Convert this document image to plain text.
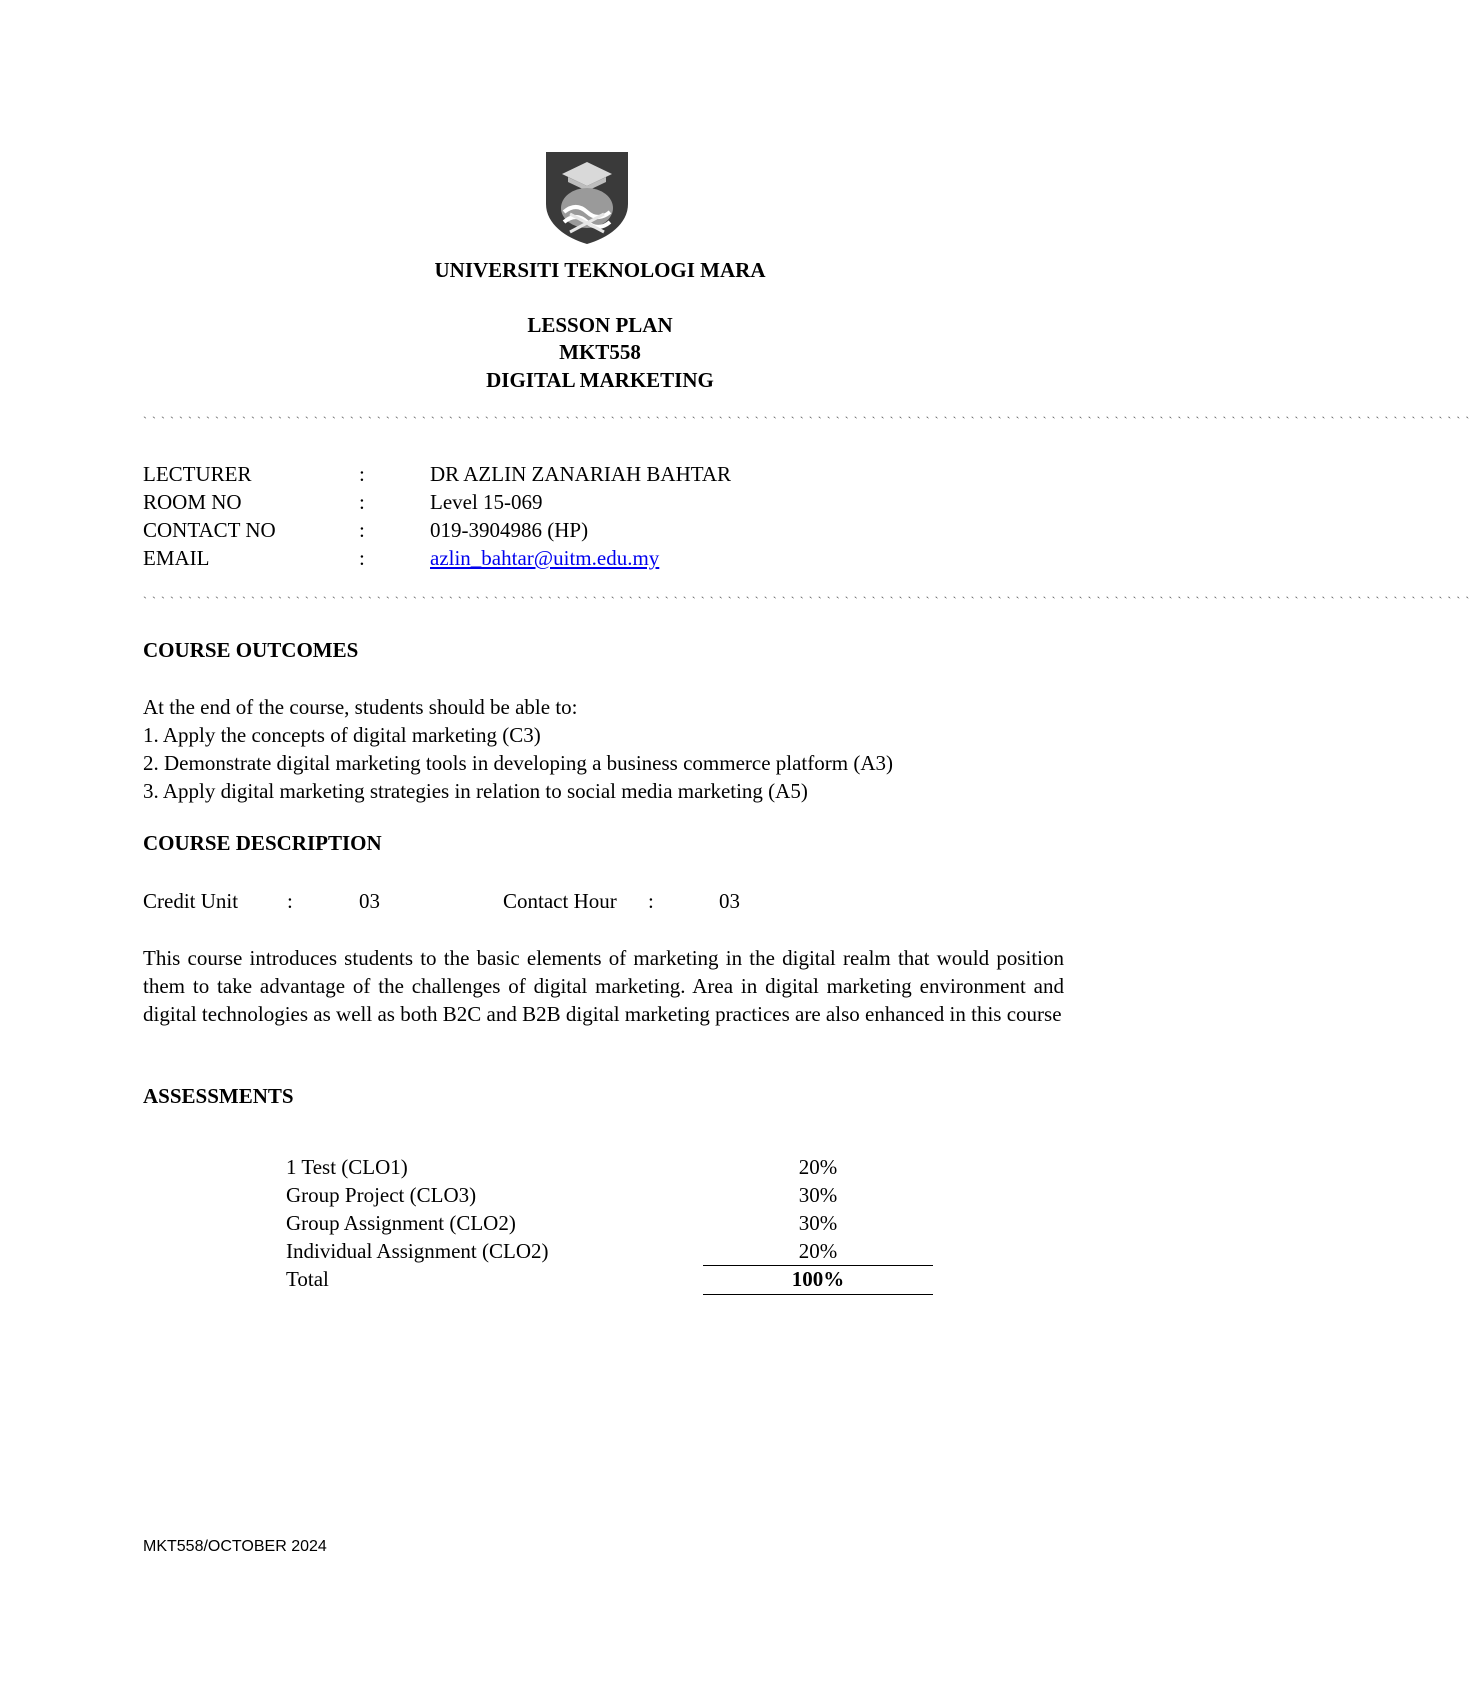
UNIVERSITI TEKNOLOGI MARA
LESSON PLAN
MKT558
DIGITAL MARKETING
` ` ` ` ` ` ` ` ` ` ` ` ` ` ` ` ` ` ` ` ` ` ` ` ` ` ` ` ` ` ` ` ` ` ` ` ` ` ` ` ` ` ` ` ` ` ` ` ` ` ` ` ` ` ` ` ` ` ` ` ` ` ` ` ` ` ` ` ` ` ` ` ` ` ` ` ` ` ` ` ` ` ` ` ` ` ` ` ` ` ` ` ` ` ` ` ` ` ` ` ` ` ` ` ` ` ` ` ` ` ` ` ` ` ` ` ` ` ` ` ` ` ` ` ` ` ` ` ` ` ` ` ` ` ` ` ` ` ` ` ` ` ` ` ` ` ` `
LECTURER	:	DR AZLIN ZANARIAH BAHTAR
ROOM NO	:	Level 15-069
CONTACT NO	:	019-3904986 (HP)
EMAIL	:	azlin_bahtar@uitm.edu.my
` ` ` ` ` ` ` ` ` ` ` ` ` ` ` ` ` ` ` ` ` ` ` ` ` ` ` ` ` ` ` ` ` ` ` ` ` ` ` ` ` ` ` ` ` ` ` ` ` ` ` ` ` ` ` ` ` ` ` ` ` ` ` ` ` ` ` ` ` ` ` ` ` ` ` ` ` ` ` ` ` ` ` ` ` ` ` ` ` ` ` ` ` ` ` ` ` ` ` ` ` ` ` ` ` ` ` ` ` ` ` ` ` ` ` ` ` ` ` ` ` ` ` ` ` ` ` ` ` ` ` ` ` ` ` ` ` ` ` ` ` ` ` ` ` ` ` `
COURSE OUTCOMES
At the end of the course, students should be able to:
1. Apply the concepts of digital marketing (C3)
2. Demonstrate digital marketing tools in developing a business commerce platform (A3)
3. Apply digital marketing strategies in relation to social media marketing (A5)
COURSE DESCRIPTION
Credit Unit :	03	Contact Hour :	03
This course introduces students to the basic elements of marketing in the digital realm that would position them to take advantage of the challenges of digital marketing. Area in digital marketing environment and digital technologies as well as both B2C and B2B digital marketing practices are also enhanced in this course
ASSESSMENTS
1 Test (CLO1)	20%
Group Project (CLO3)	30%
Group Assignment (CLO2)	30%
Individual Assignment (CLO2)	20%
Total	100%
MKT558/OCTOBER 2024
